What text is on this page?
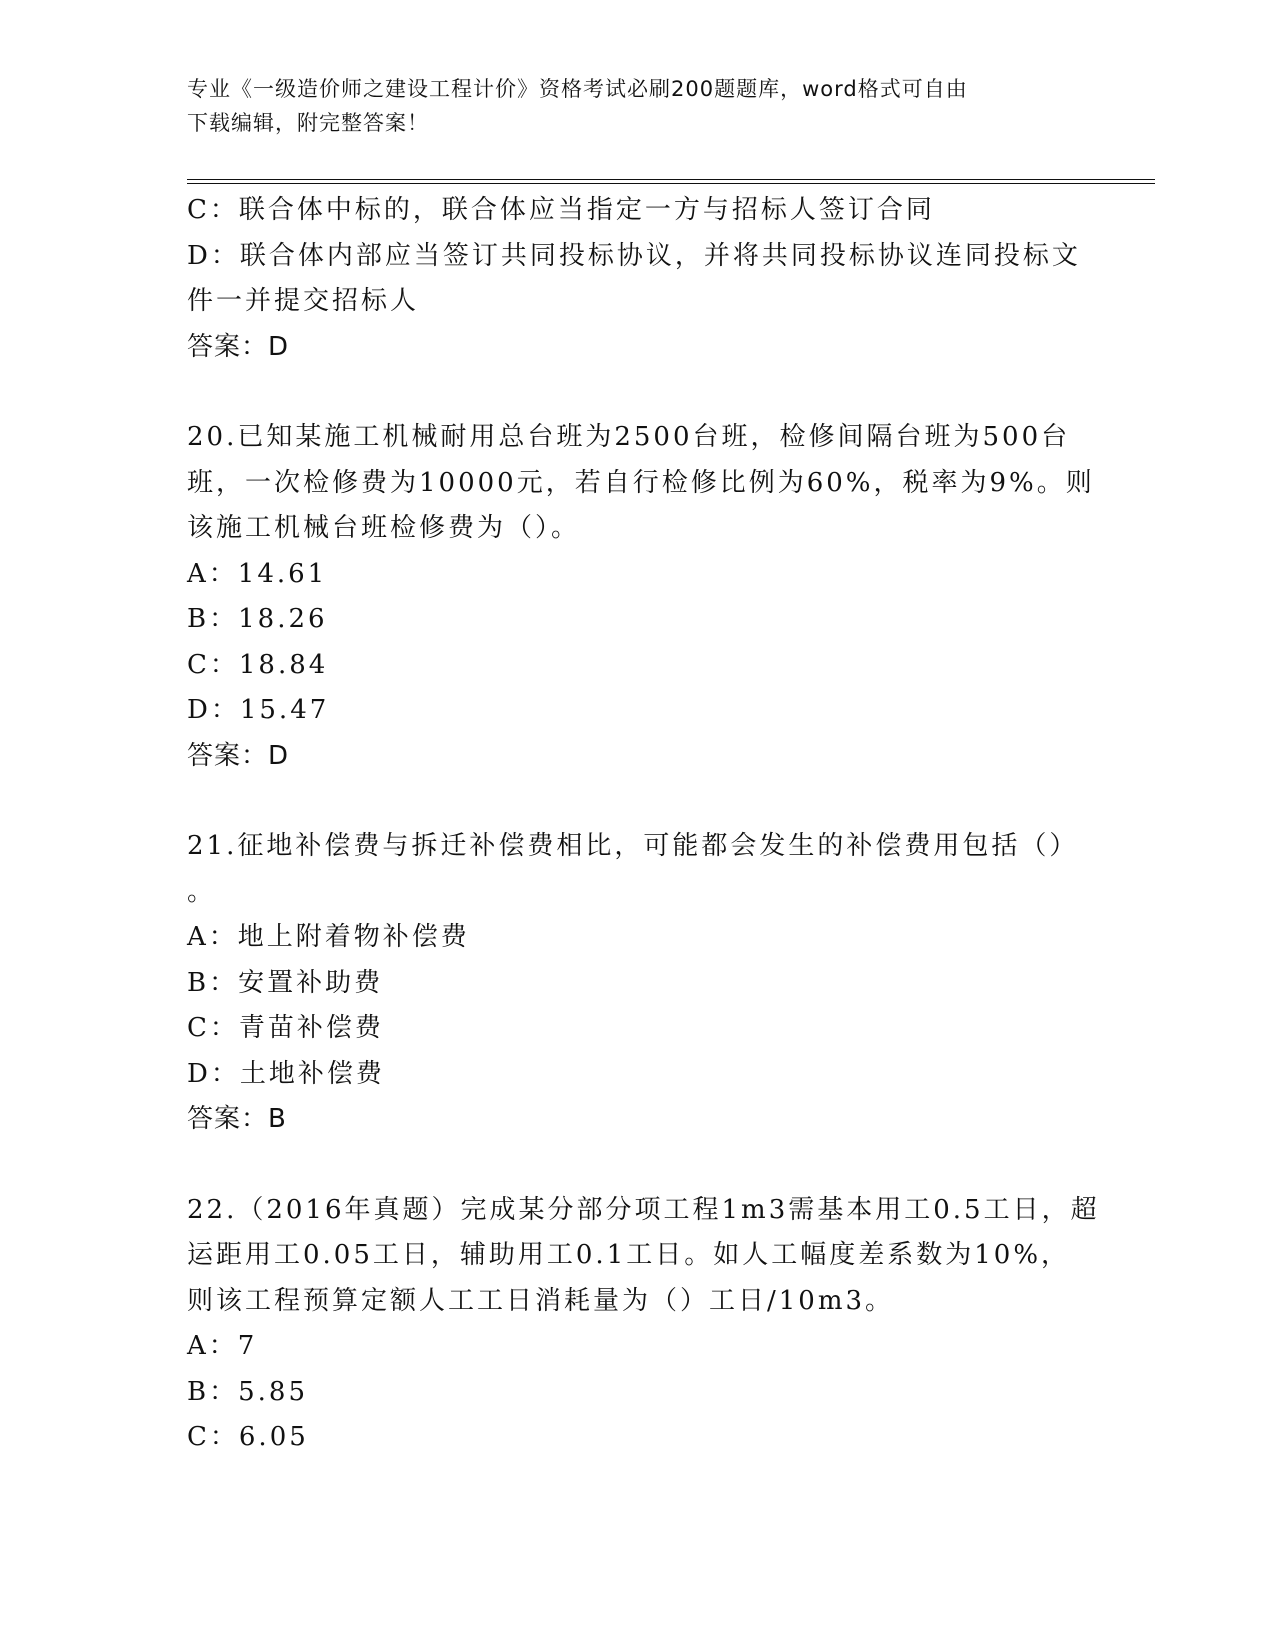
专业《一级造价师之建设工程计价》资格考试必刷200题题库，word格式可自由
下载编辑，附完整答案！
C：联合体中标的，联合体应当指定一方与招标人签订合同
D：联合体内部应当签订共同投标协议，并将共同投标协议连同投标文
件一并提交招标人
答案：D
20.已知某施工机械耐用总台班为2500台班，检修间隔台班为500台
班，一次检修费为10000元，若自行检修比例为60%，税率为9%。则
该施工机械台班检修费为（）。
A：14.61
B：18.26
C：18.84
D：15.47
答案：D
21.征地补偿费与拆迁补偿费相比，可能都会发生的补偿费用包括（）
。
A：地上附着物补偿费
B：安置补助费
C：青苗补偿费
D：土地补偿费
答案：B
22.（2016年真题）完成某分部分项工程1m3需基本用工0.5工日，超
运距用工0.05工日，辅助用工0.1工日。如人工幅度差系数为10%，
则该工程预算定额人工工日消耗量为（）工日/10m3。
A：7
B：5.85
C：6.05
